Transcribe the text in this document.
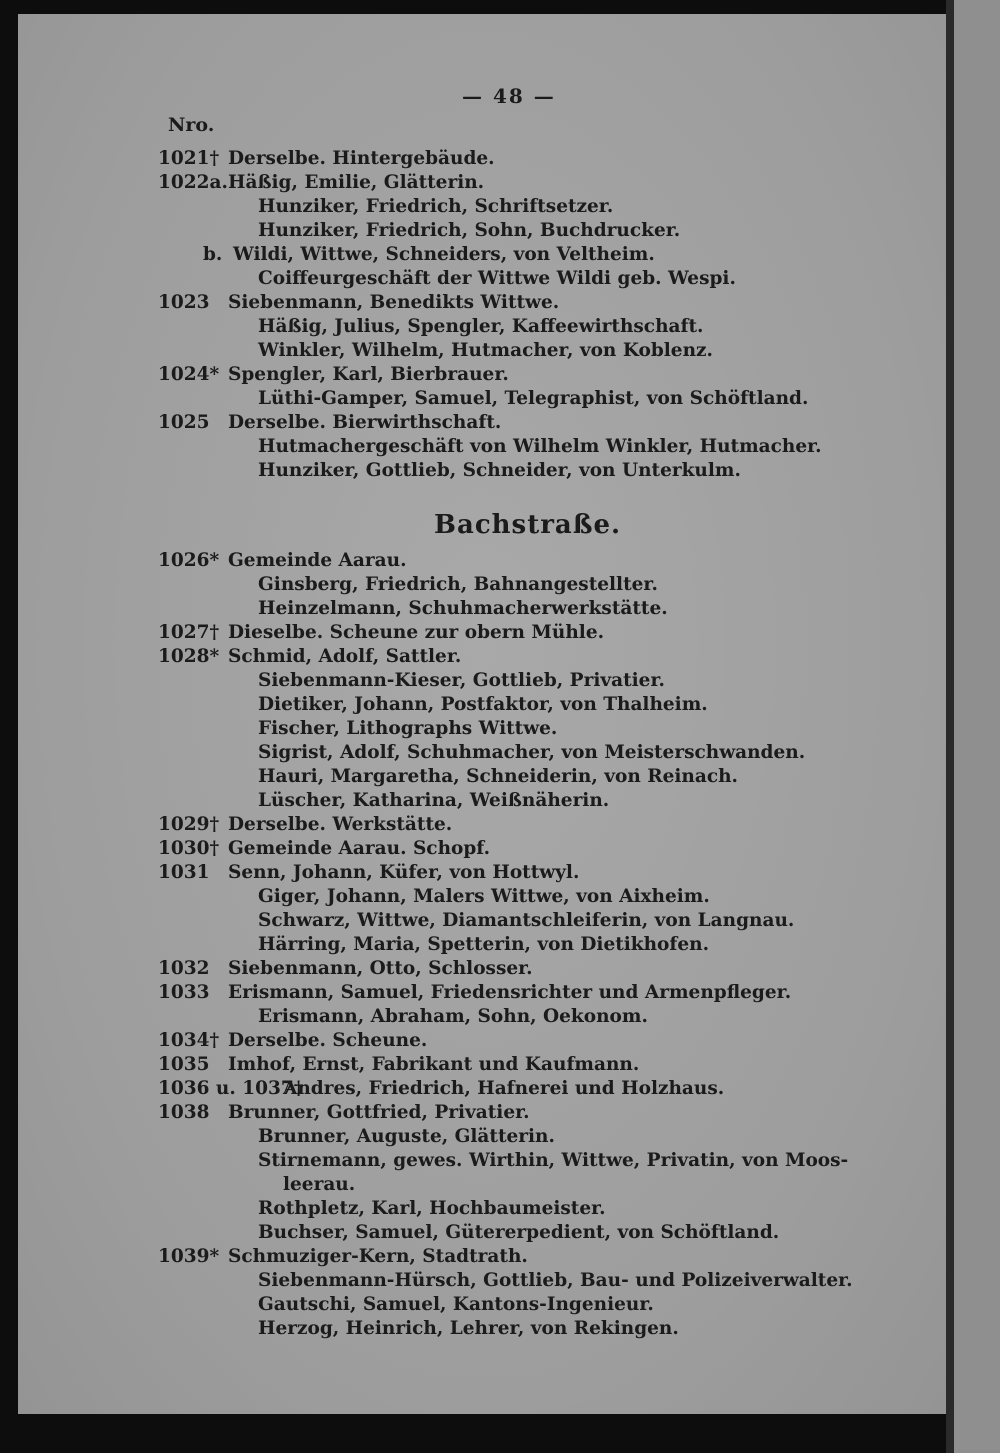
— 48 —
Nro.
Bachstraße.
1021† Derselbe. Hintergebäude.
1022a. Häßig, Emilie, Glätterin.
Hunziker, Friedrich, Schriftsetzer.
Hunziker, Friedrich, Sohn, Buchdrucker.
b. Wildi, Wittwe, Schneiders, von Veltheim.
Coiffeurgeschäft der Wittwe Wildi geb. Wespi.
1023 Siebenmann, Benedikts Wittwe.
Häßig, Julius, Spengler, Kaffeewirthschaft.
Winkler, Wilhelm, Hutmacher, von Koblenz.
1024* Spengler, Karl, Bierbrauer.
Lüthi-Gamper, Samuel, Telegraphist, von Schöftland.
1025 Derselbe. Bierwirthschaft.
Hutmachergeschäft von Wilhelm Winkler, Hutmacher.
Hunziker, Gottlieb, Schneider, von Unterkulm.
1026* Gemeinde Aarau.
Ginsberg, Friedrich, Bahnangestellter.
Heinzelmann, Schuhmacherwerkstätte.
1027† Dieselbe. Scheune zur obern Mühle.
1028* Schmid, Adolf, Sattler.
Siebenmann-Kieser, Gottlieb, Privatier.
Dietiker, Johann, Postfaktor, von Thalheim.
Fischer, Lithographs Wittwe.
Sigrist, Adolf, Schuhmacher, von Meisterschwanden.
Hauri, Margaretha, Schneiderin, von Reinach.
Lüscher, Katharina, Weißnäherin.
1029† Derselbe. Werkstätte.
1030† Gemeinde Aarau. Schopf.
1031 Senn, Johann, Küfer, von Hottwyl.
Giger, Johann, Malers Wittwe, von Aixheim.
Schwarz, Wittwe, Diamantschleiferin, von Langnau.
Härring, Maria, Spetterin, von Dietikhofen.
1032 Siebenmann, Otto, Schlosser.
1033 Erismann, Samuel, Friedensrichter und Armenpfleger.
Erismann, Abraham, Sohn, Oekonom.
1034† Derselbe. Scheune.
1035 Imhof, Ernst, Fabrikant und Kaufmann.
1036 u. 1037†
Andres, Friedrich, Hafnerei und Holzhaus.
1038 Brunner, Gottfried, Privatier.
Brunner, Auguste, Glätterin.
Stirnemann, gewes. Wirthin, Wittwe, Privatin, von Moos-
leerau.
Rothpletz, Karl, Hochbaumeister.
Buchser, Samuel, Gütererpedient, von Schöftland.
1039* Schmuziger-Kern, Stadtrath.
Siebenmann-Hürsch, Gottlieb, Bau- und Polizeiverwalter.
Gautschi, Samuel, Kantons-Ingenieur.
Herzog, Heinrich, Lehrer, von Rekingen.
